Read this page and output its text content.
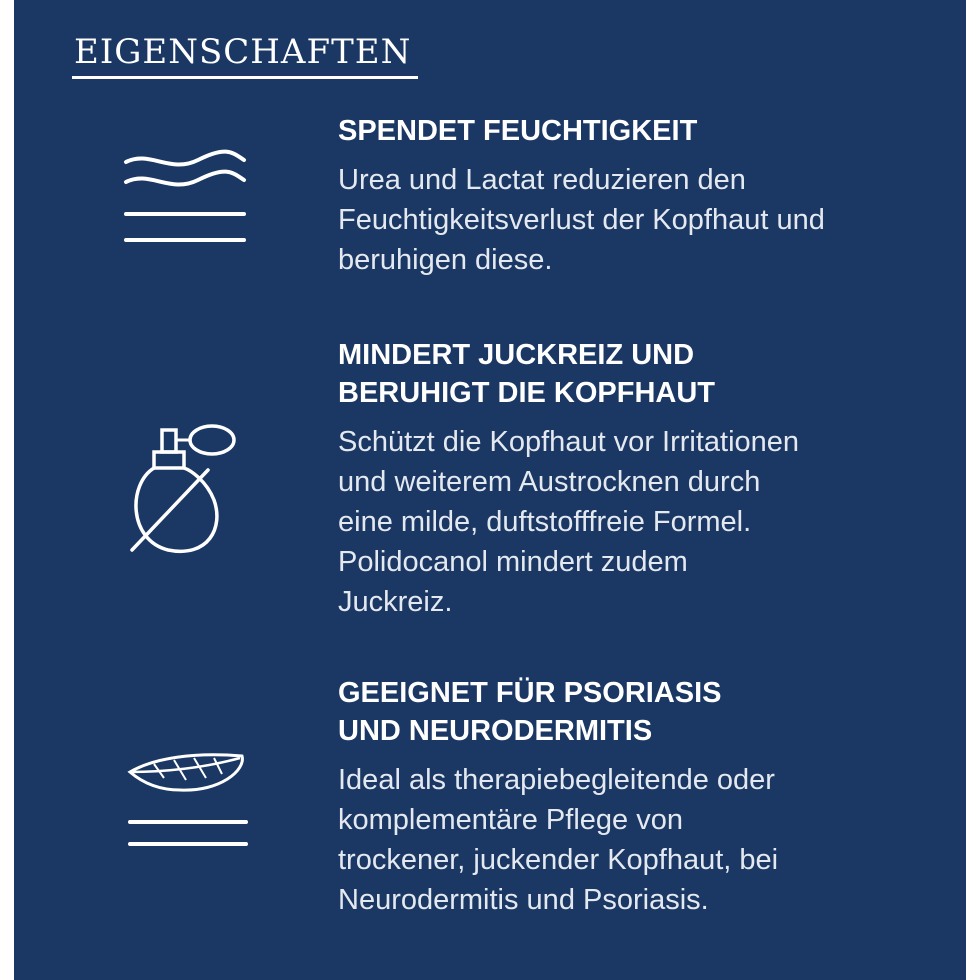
EIGENSCHAFTEN
SPENDET FEUCHTIGKEIT

Urea und Lactat reduzieren den
Feuchtigkeitsverlust der Kopfhaut und
beruhigen diese.

MINDERT JUCKREIZ UND
BERUHIGT DIE KOPFHAUT

Schützt die Kopfhaut vor Irritationen
und weiterem Austrocknen durch
eine milde, duftstofffreie Formel.
Polidocanol mindert zudem
Juckreiz.

GEEIGNET FÜR PSORIASIS
UND NEURODERMITIS

Ideal als therapiebegleitende oder
komplementäre Pflege von
trockener, juckender Kopfhaut, bei
Neurodermitis und Psoriasis.
